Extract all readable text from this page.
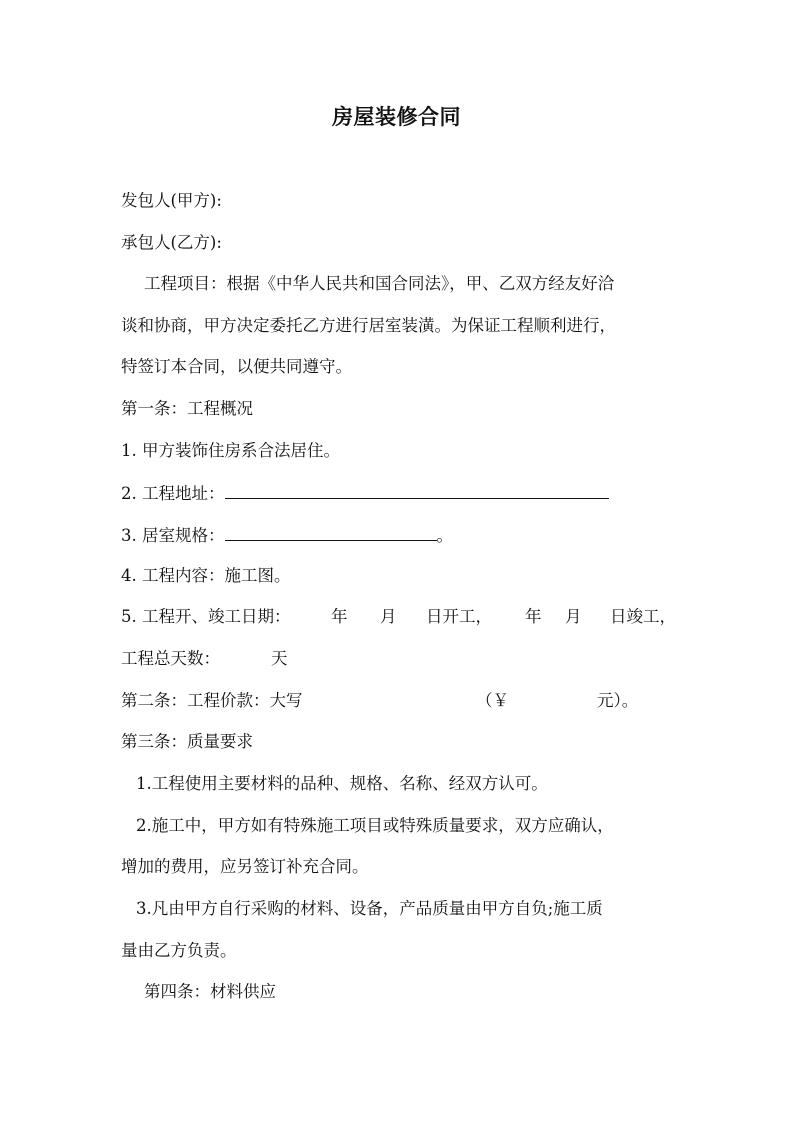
房屋装修合同
发包人(甲方):
承包人(乙方):
工程项目：根据《中华人民共和国合同法》，甲、乙双方经友好洽
谈和协商，甲方决定委托乙方进行居室装潢。为保证工程顺利进行，
特签订本合同，以便共同遵守。
第一条：工程概况
1. 甲方装饰住房系合法居住。
2. 工程地址：
3. 居室规格：	。
4. 工程内容：施工图。
5. 工程开、竣工日期： 年 月 日开工， 年 月 日竣工，
工程总天数：	天
第二条：工程价款：大写	（￥	元）。
第三条：质量要求
1.工程使用主要材料的品种、规格、名称、经双方认可。
2.施工中，甲方如有特殊施工项目或特殊质量要求，双方应确认，
增加的费用，应另签订补充合同。
3.凡由甲方自行采购的材料、设备，产品质量由甲方自负;施工质
量由乙方负责。
第四条：材料供应
